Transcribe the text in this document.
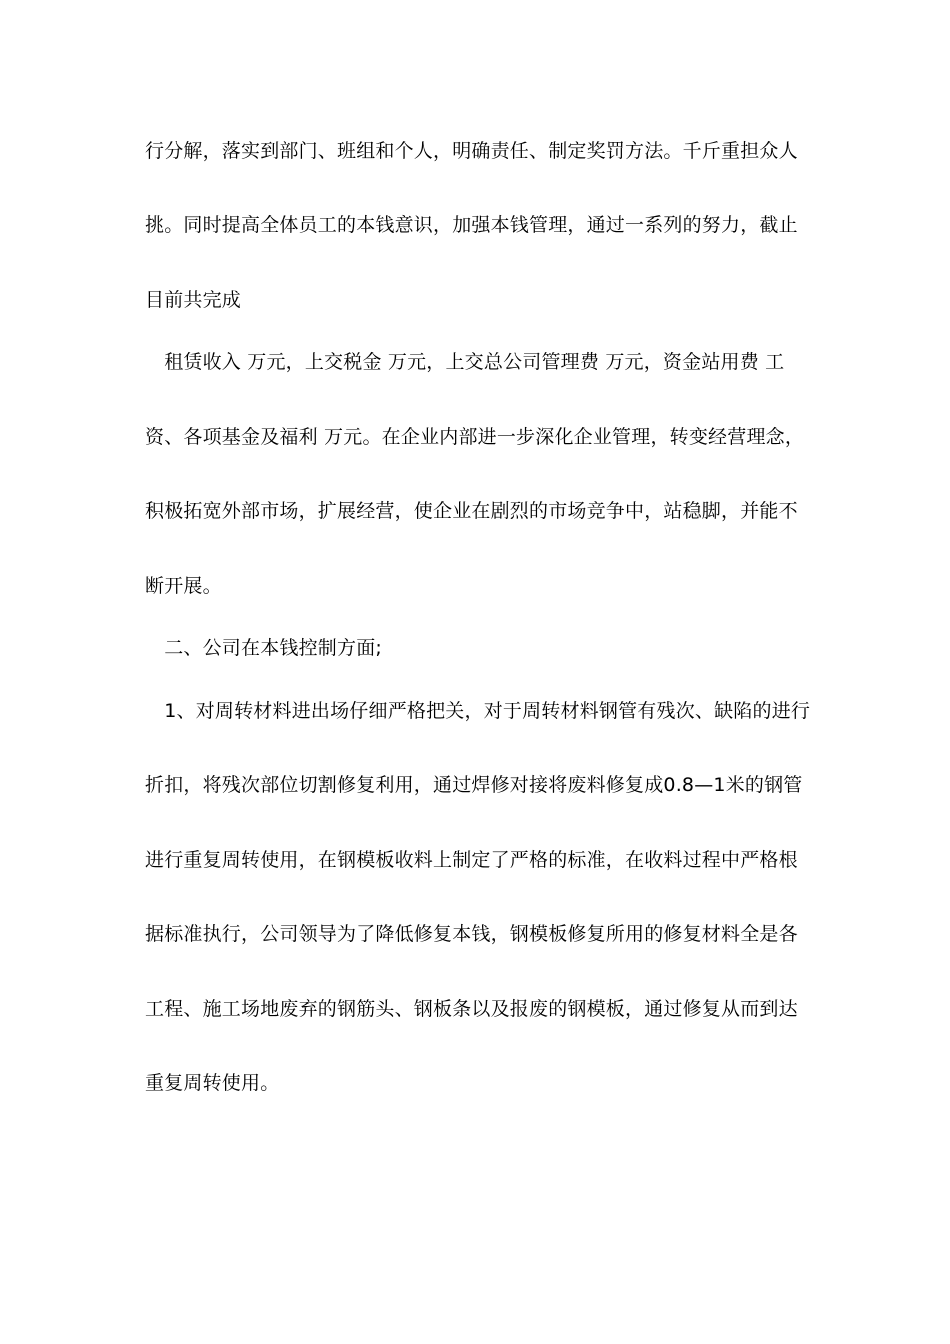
行分解，落实到部门、班组和个人，明确责任、制定奖罚方法。千斤重担众人
挑。同时提高全体员工的本钱意识，加强本钱管理，通过一系列的努力，截止
目前共完成
　租赁收入 万元，上交税金 万元，上交总公司管理费 万元，资金站用费 工
资、各项基金及福利 万元。在企业内部进一步深化企业管理，转变经营理念，
积极拓宽外部市场，扩展经营，使企业在剧烈的市场竞争中，站稳脚，并能不
断开展。
　二、公司在本钱控制方面;
　1、对周转材料进出场仔细严格把关，对于周转材料钢管有残次、缺陷的进行
折扣，将残次部位切割修复利用，通过焊修对接将废料修复成0.8—1米的钢管
进行重复周转使用，在钢模板收料上制定了严格的标准，在收料过程中严格根
据标准执行，公司领导为了降低修复本钱，钢模板修复所用的修复材料全是各
工程、施工场地废弃的钢筋头、钢板条以及报废的钢模板，通过修复从而到达
重复周转使用。
